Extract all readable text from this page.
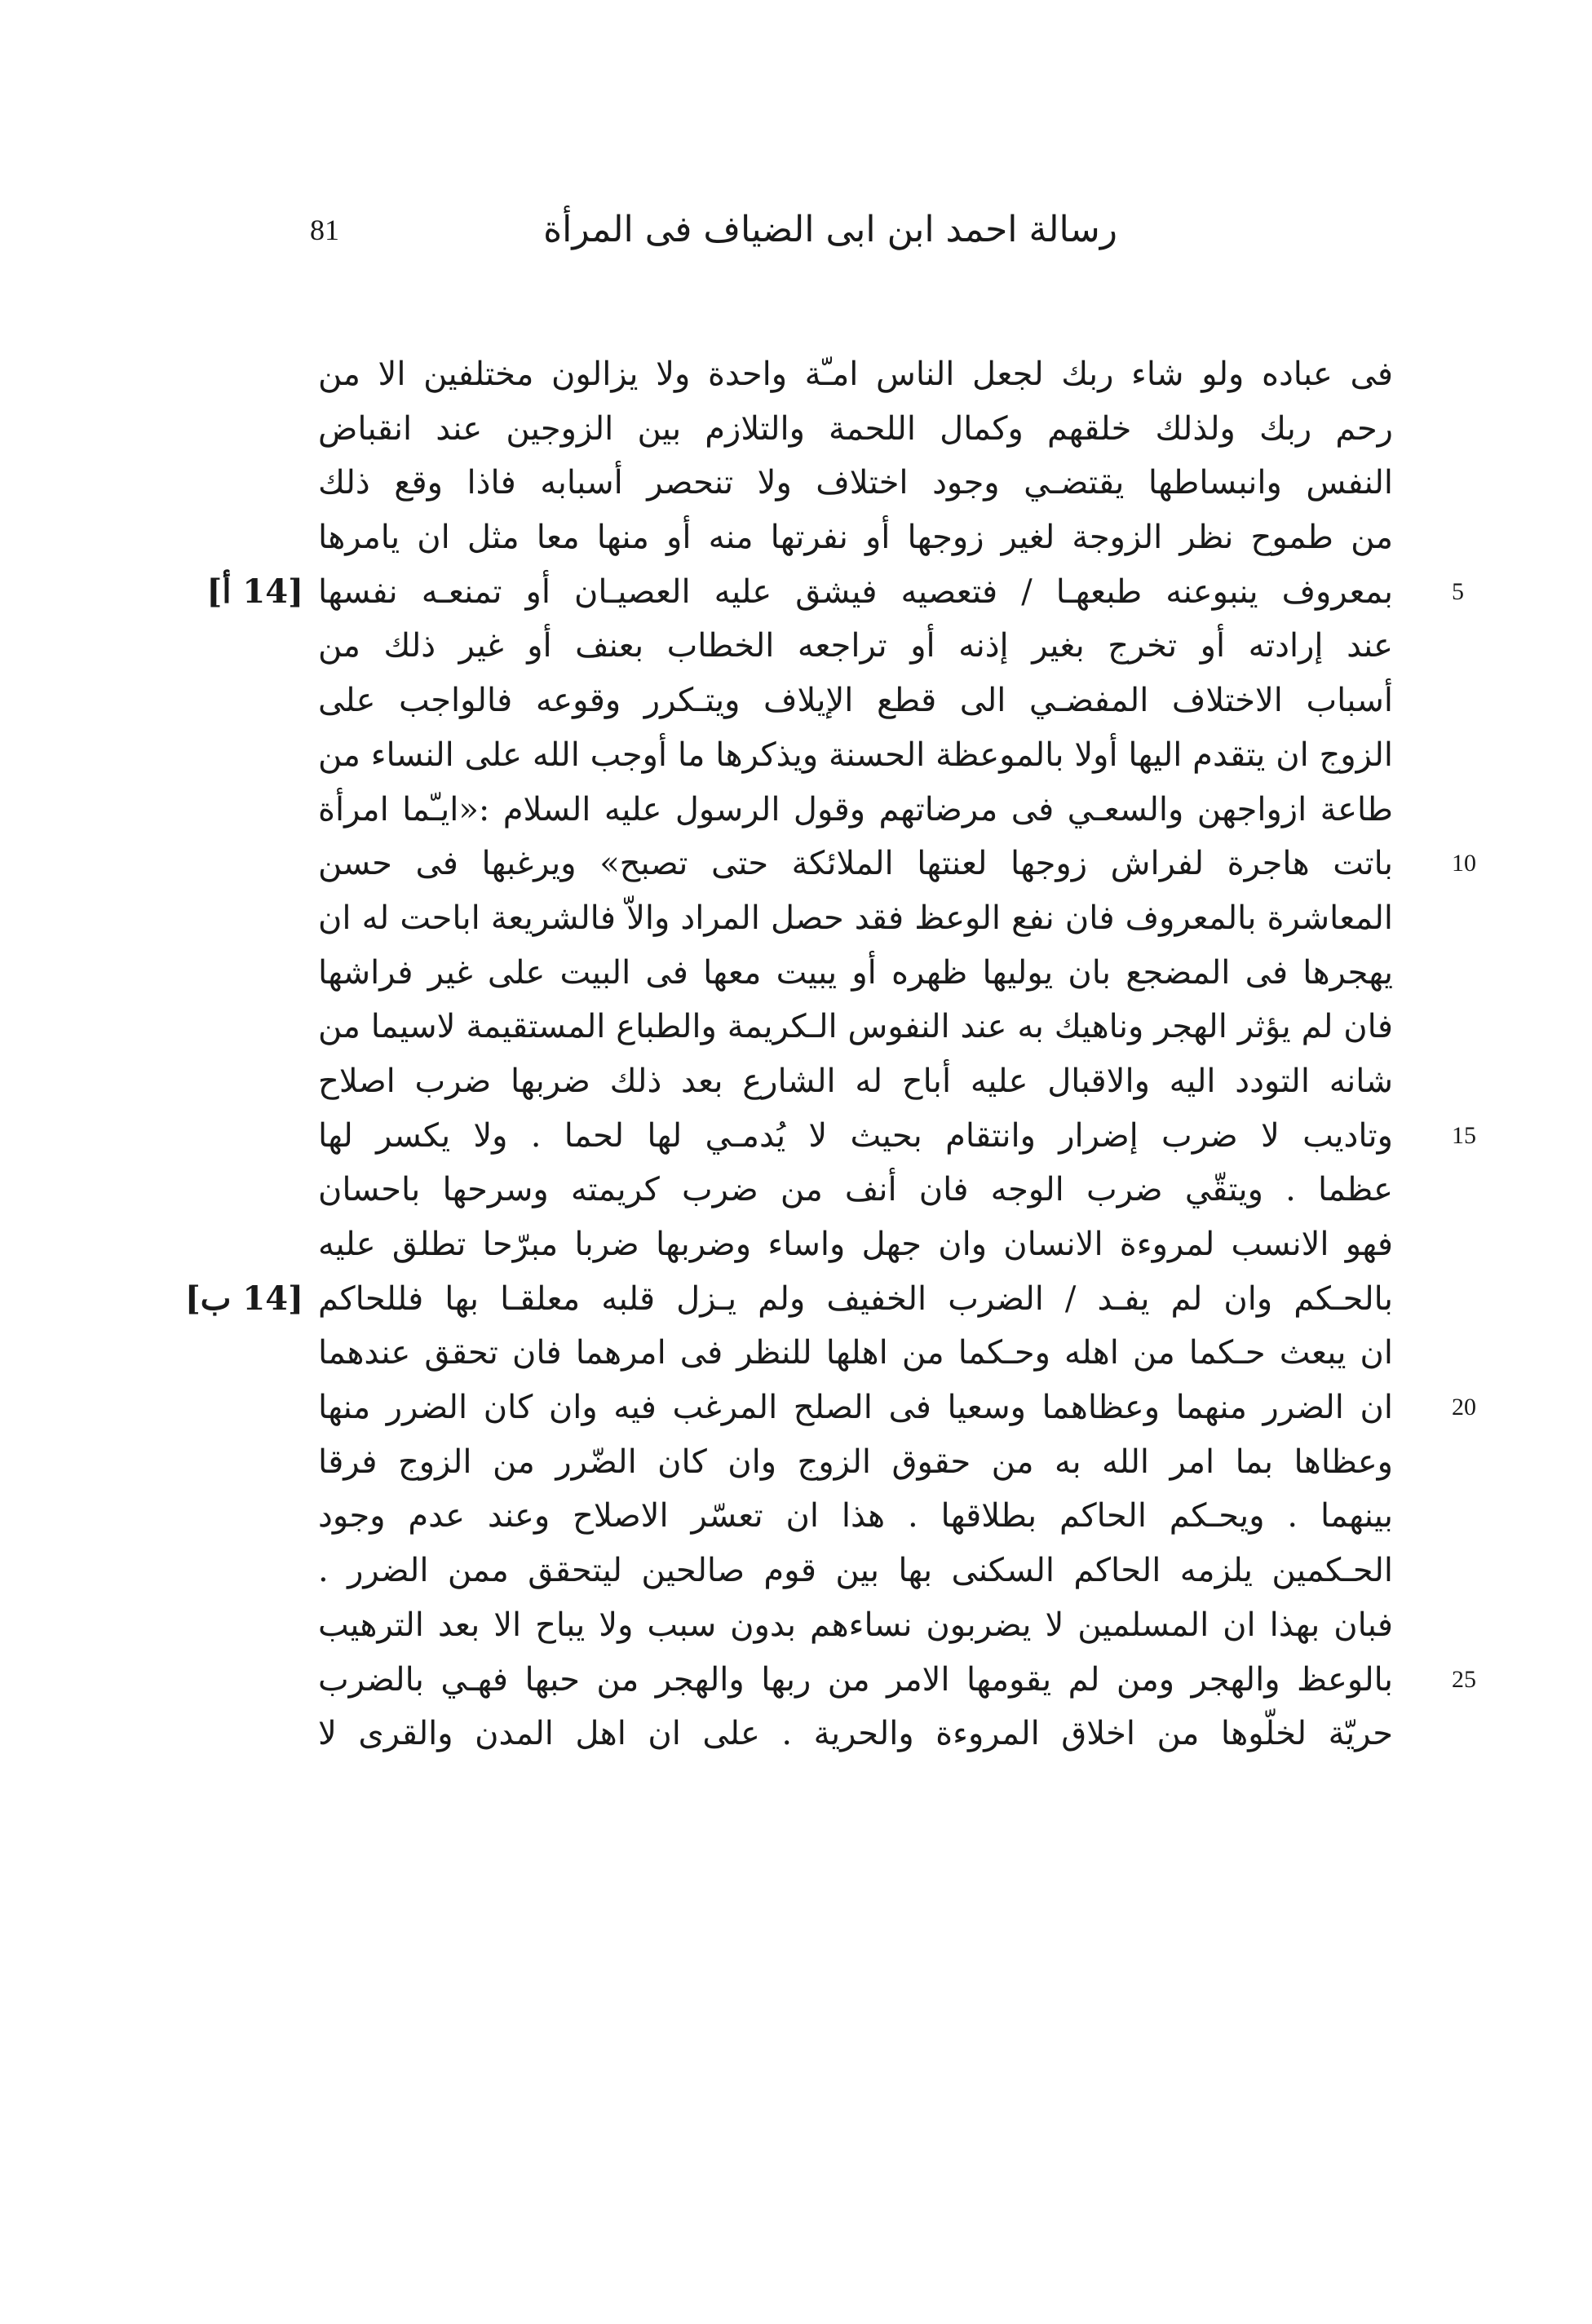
81	رسالة احمد ابن ابى الضياف فى المرأة
فى عباده ولو شاء ربك لجعل الناس امـّة واحدة ولا يزالون مختلفين الا من
رحم ربك ولذلك خلقهم وكمال اللحمة والتلازم بين الزوجين عند انقباض
النفس وانبساطها يقتضـي وجود اختلاف ولا تنحصر أسبابه فاذا وقع ذلك
من طموح نظر الزوجة لغير زوجها أو نفرتها منه أو منها معا مثل ان يامرها
بمعروف ينبوعنه طبعهـا / فتعصيه فيشق عليه العصيـان أو تمنعـه نفسها 5
[14 أ]
عند إرادته أو تخرج بغير إذنه أو تراجعه الخطاب بعنف أو غير ذلك من
أسباب الاختلاف المفضـي الى قطع الإيلاف ويتـكرر وقوعه فالواجب على
الزوج ان يتقدم اليها أولا بالموعظة الحسنة ويذكرها ما أوجب الله على النساء من
طاعة ازواجهن والسعـي فى مرضاتهم وقول الرسول عليه السلام :«ايـّما امرأة
باتت هاجرة لفراش زوجها لعنتها الملائكة حتى تصبح» ويرغبها فى حسن 10
المعاشرة بالمعروف فان نفع الوعظ فقد حصل المراد والاّ فالشريعة اباحت له ان
يهجرها فى المضجع بان يوليها ظهره أو يبيت معها فى البيت على غير فراشها
فان لم يؤثر الهجر وناهيك به عند النفوس الـكريمة والطباع المستقيمة لاسيما من
شانه التودد اليه والاقبال عليه أباح له الشارع بعد ذلك ضربها ضرب اصلاح
وتاديب لا ضرب إضرار وانتقام بحيث لا يُدمـي لها لحما . ولا يكسر لها 15
عظما . ويتقّي ضرب الوجه فان أنف من ضرب كريمته وسرحها باحسان
فهو الانسب لمروءة الانسان وان جهل واساء وضربها ضربا مبرّحا تطلق عليه
بالحـكم وان لم يفـد / الضرب الخفيف ولم يـزل قلبه معلقـا بها فللحاكم
[14 ب]
ان يبعث حـكما من اهله وحـكما من اهلها للنظر فى امرهما فان تحقق عندهما
ان الضرر منهما وعظاهما وسعيا فى الصلح المرغب فيه وان كان الضرر منها 20
وعظاها بما امر الله به من حقوق الزوج وان كان الضّرر من الزوج فرقا
بينهما . ويحـكم الحاكم بطلاقها . هذا ان تعسّر الاصلاح وعند عدم وجود
الحـكمين يلزمه الحاكم السكنى بها بين قوم صالحين ليتحقق ممن الضرر .
فبان بهذا ان المسلمين لا يضربون نساءهم بدون سبب ولا يباح الا بعد الترهيب
بالوعظ والهجر ومن لم يقومها الامر من ربها والهجر من حبها فهـي بالضرب 25
حريّة لخلّوها من اخلاق المروءة والحرية . على ان اهل المدن والقرى لا
